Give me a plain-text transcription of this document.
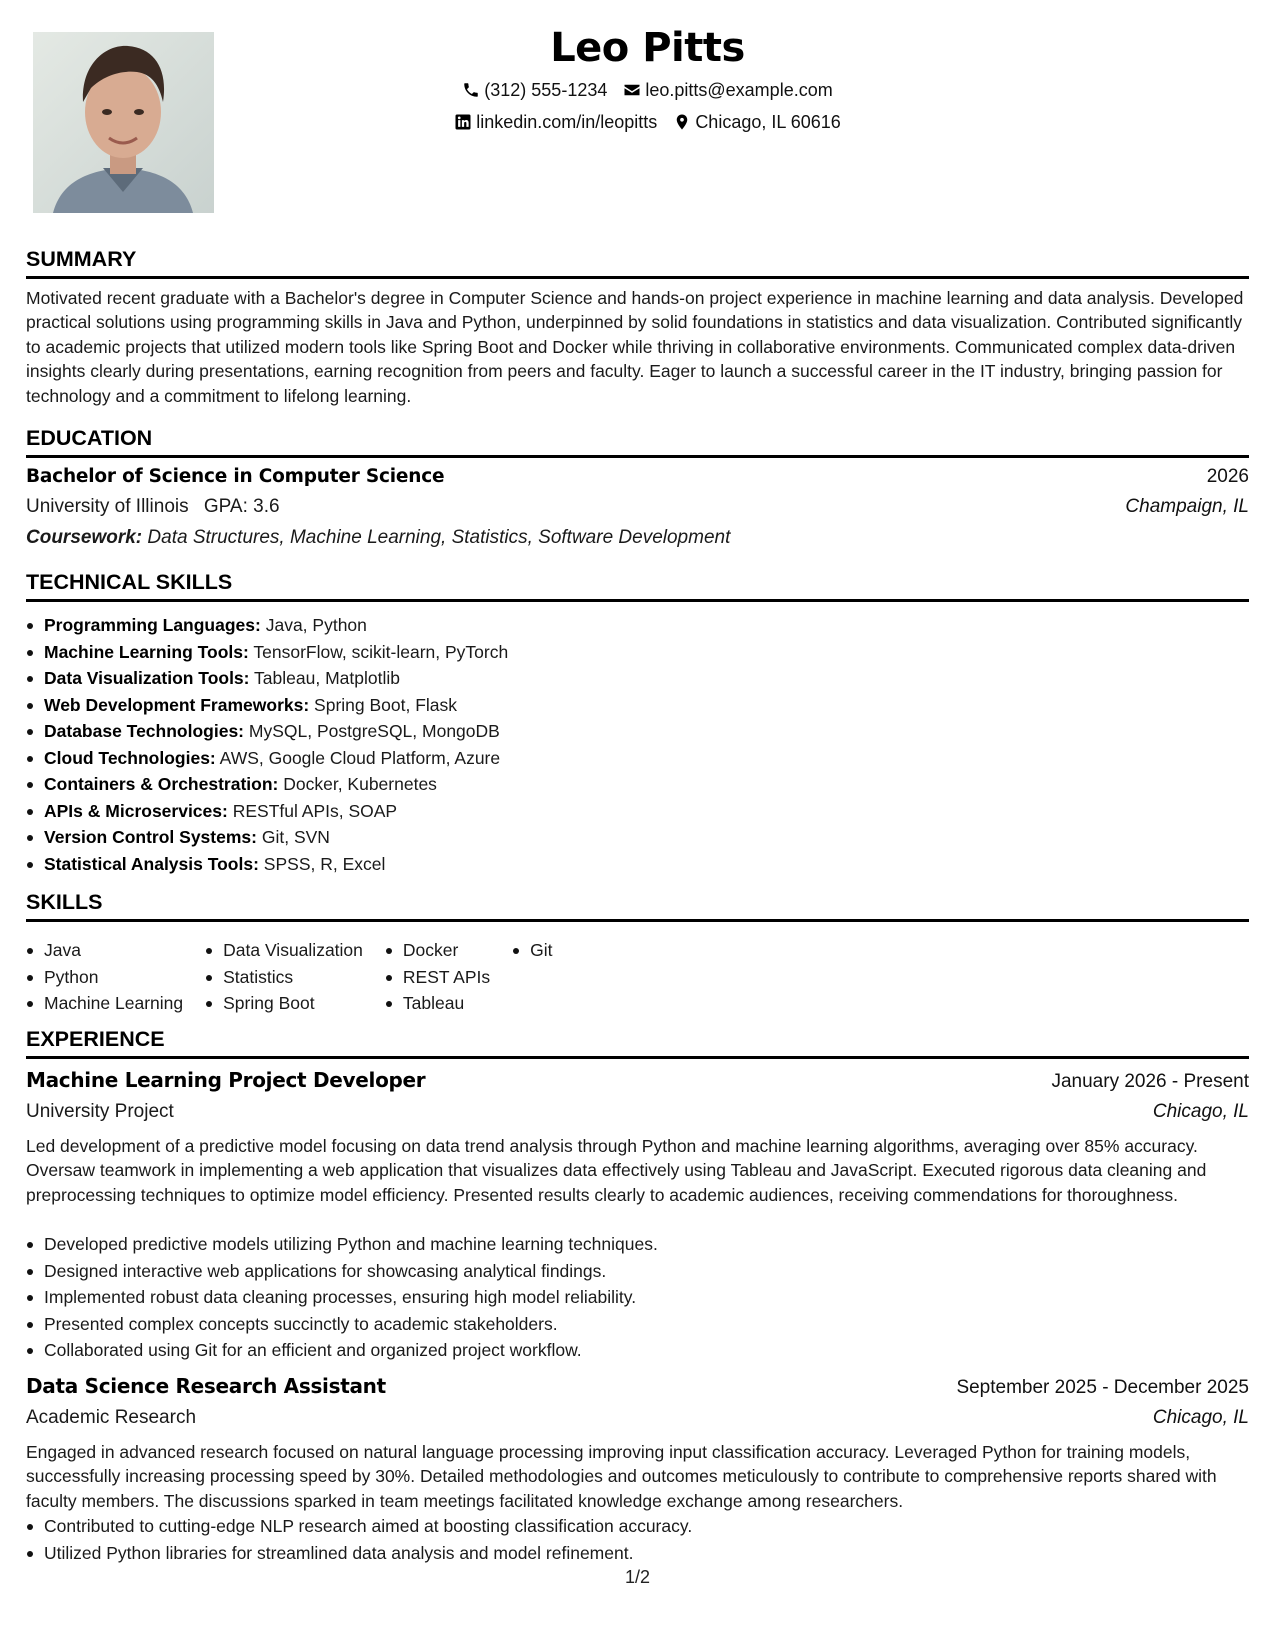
Leo Pitts
(312) 555-1234 leo.pitts@example.com
linkedin.com/in/leopitts Chicago, IL 60616
SUMMARY
Motivated recent graduate with a Bachelor's degree in Computer Science and hands-on project experience in machine learning and data analysis. Developed practical solutions using programming skills in Java and Python, underpinned by solid foundations in statistics and data visualization. Contributed significantly to academic projects that utilized modern tools like Spring Boot and Docker while thriving in collaborative environments. Communicated complex data-driven insights clearly during presentations, earning recognition from peers and faculty. Eager to launch a successful career in the IT industry, bringing passion for technology and a commitment to lifelong learning.
EDUCATION
Bachelor of Science in Computer Science	2026
University of Illinois GPA: 3.6	Champaign, IL
Coursework: Data Structures, Machine Learning, Statistics, Software Development
TECHNICAL SKILLS
Programming Languages: Java, Python
Machine Learning Tools: TensorFlow, scikit-learn, PyTorch
Data Visualization Tools: Tableau, Matplotlib
Web Development Frameworks: Spring Boot, Flask
Database Technologies: MySQL, PostgreSQL, MongoDB
Cloud Technologies: AWS, Google Cloud Platform, Azure
Containers & Orchestration: Docker, Kubernetes
APIs & Microservices: RESTful APIs, SOAP
Version Control Systems: Git, SVN
Statistical Analysis Tools: SPSS, R, Excel
SKILLS
Java
Python
Machine Learning
Data Visualization
Statistics
Spring Boot
Docker
REST APIs
Tableau
Git
EXPERIENCE
Machine Learning Project Developer	January 2026 - Present
University Project	Chicago, IL
Led development of a predictive model focusing on data trend analysis through Python and machine learning algorithms, averaging over 85% accuracy. Oversaw teamwork in implementing a web application that visualizes data effectively using Tableau and JavaScript. Executed rigorous data cleaning and preprocessing techniques to optimize model efficiency. Presented results clearly to academic audiences, receiving commendations for thoroughness.
Developed predictive models utilizing Python and machine learning techniques.
Designed interactive web applications for showcasing analytical findings.
Implemented robust data cleaning processes, ensuring high model reliability.
Presented complex concepts succinctly to academic stakeholders.
Collaborated using Git for an efficient and organized project workflow.
Data Science Research Assistant	September 2025 - December 2025
Academic Research	Chicago, IL
Engaged in advanced research focused on natural language processing improving input classification accuracy. Leveraged Python for training models, successfully increasing processing speed by 30%. Detailed methodologies and outcomes meticulously to contribute to comprehensive reports shared with faculty members. The discussions sparked in team meetings facilitated knowledge exchange among researchers.
Contributed to cutting-edge NLP research aimed at boosting classification accuracy.
Utilized Python libraries for streamlined data analysis and model refinement.
1/2
